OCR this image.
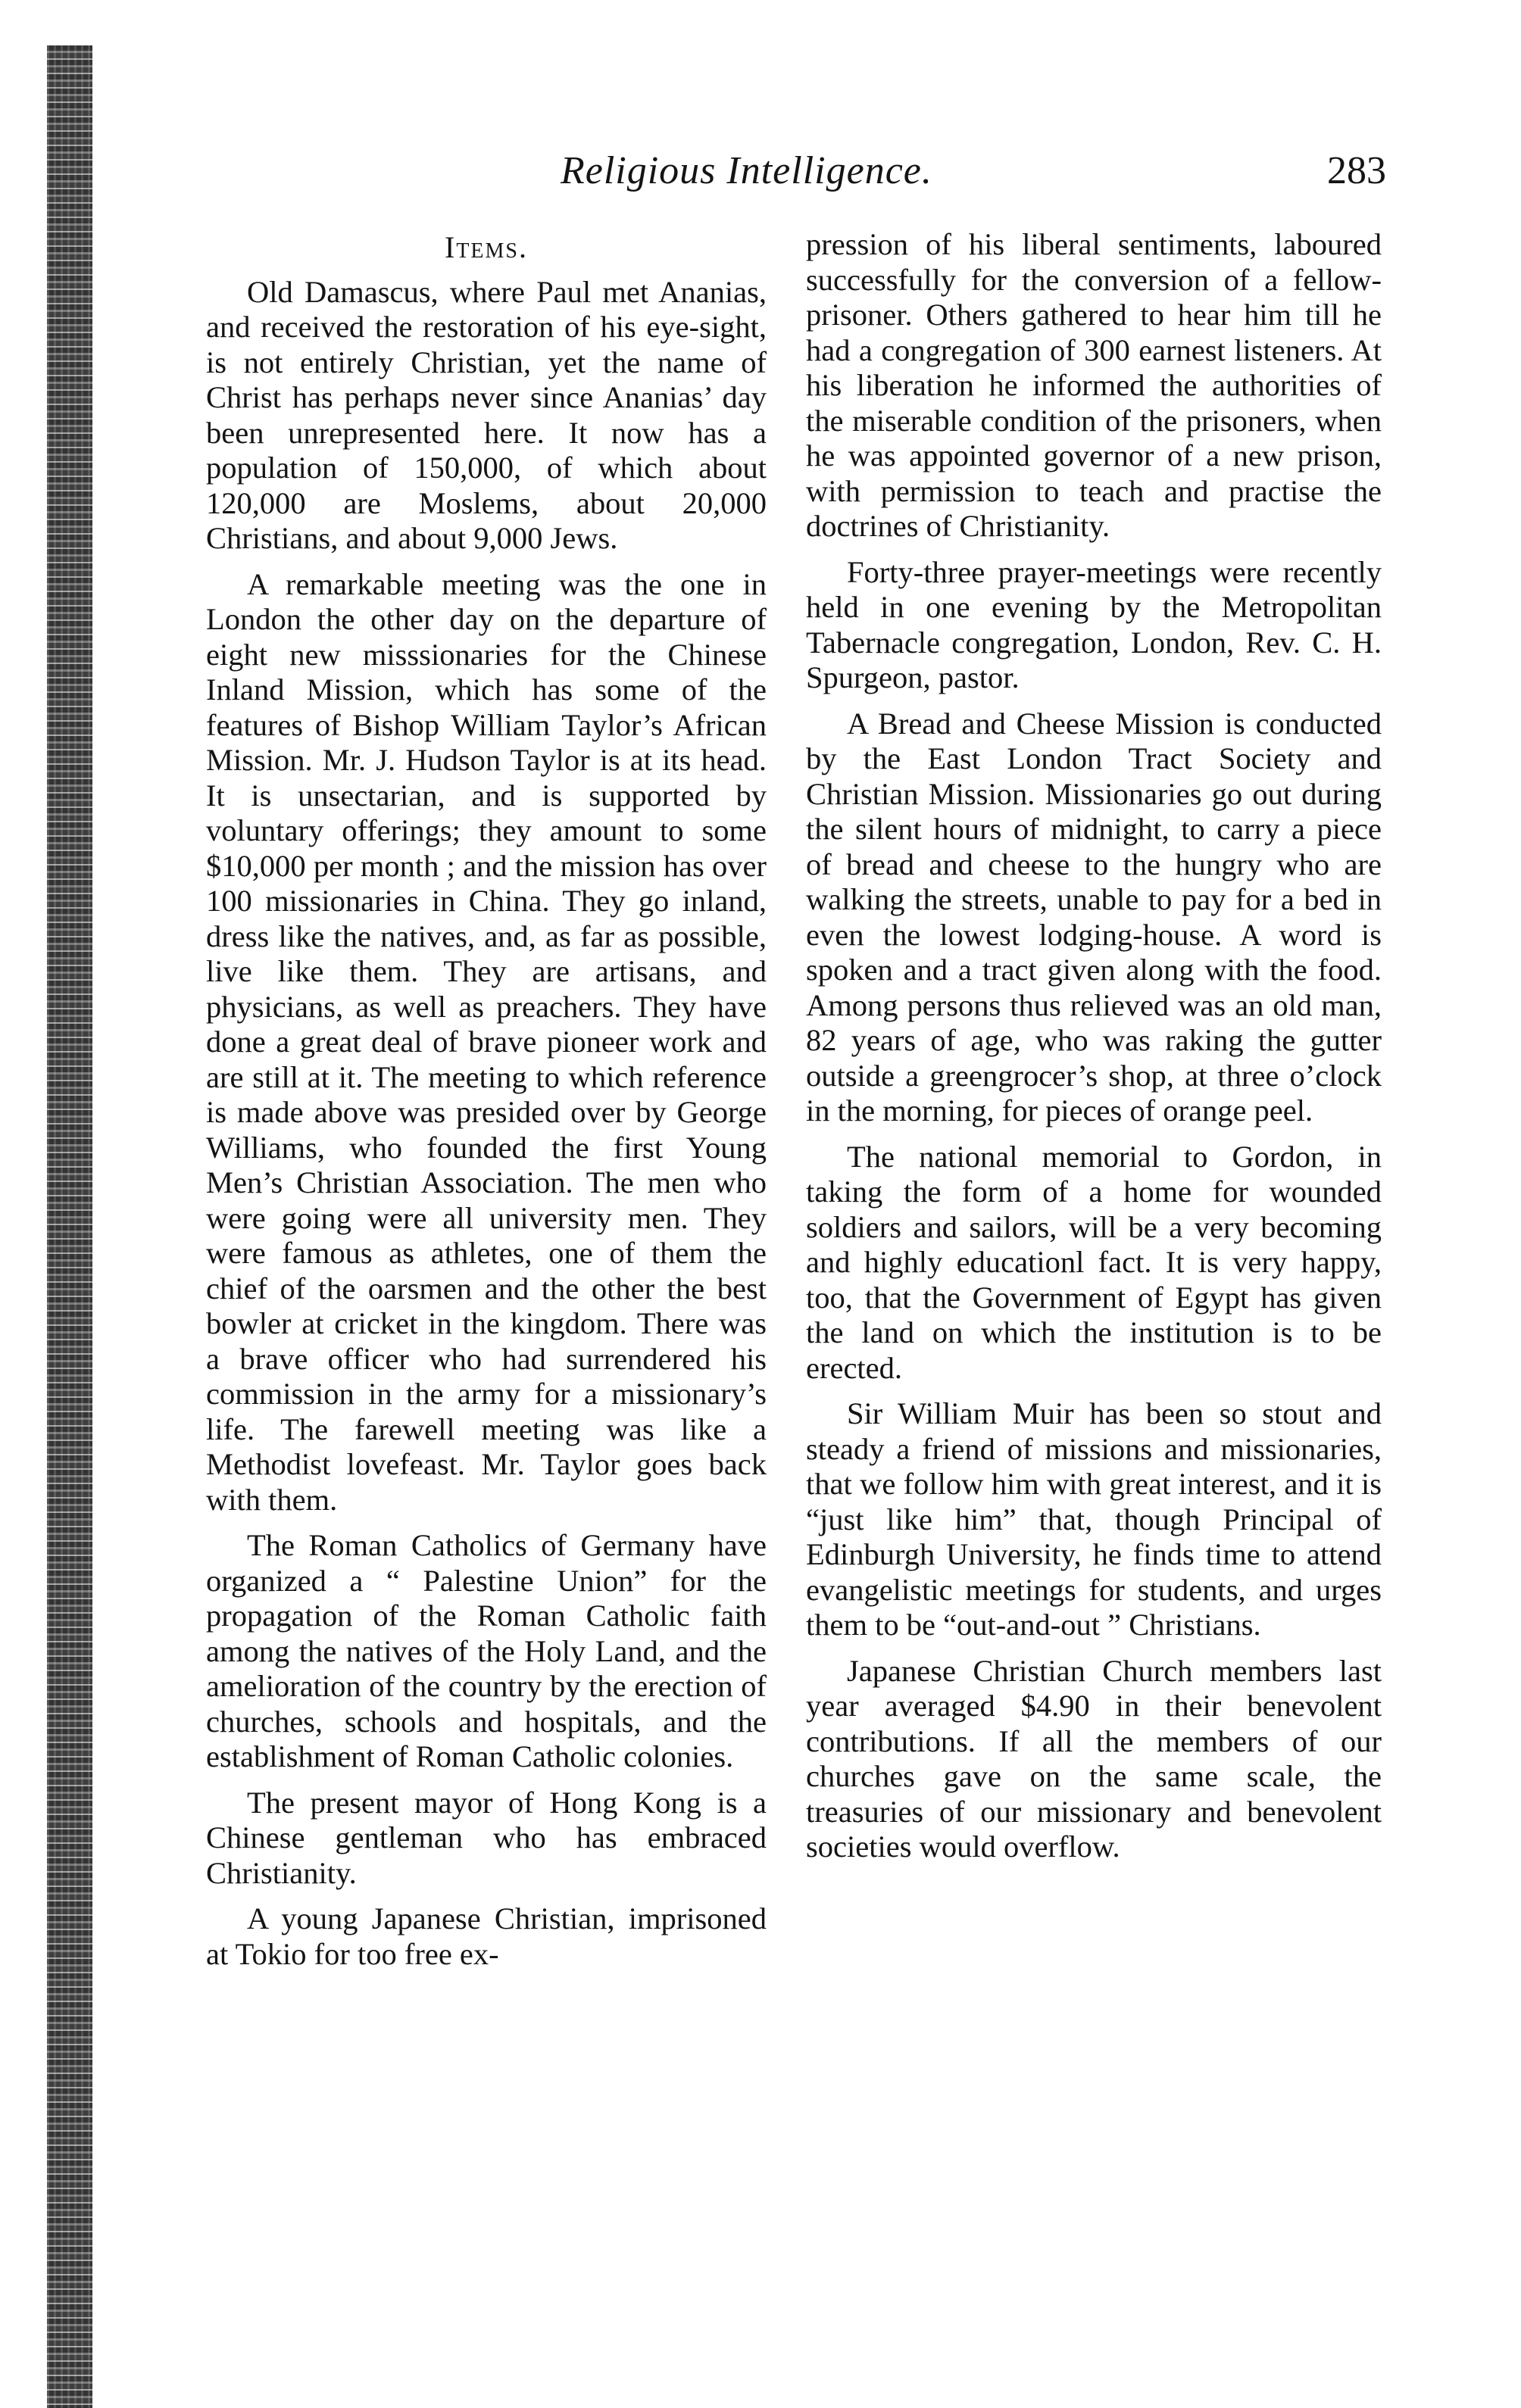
Religious Intelligence.	283
Items.

Old Damascus, where Paul met Ananias, and received the restoration of his eye-sight, is not entirely Christian, yet the name of Christ has perhaps never since Ananias’ day been unrepresented here. It now has a population of 150,000, of which about 120,000 are Moslems, about 20,000 Christians, and about 9,000 Jews.

A remarkable meeting was the one in London the other day on the departure of eight new misssionaries for the Chinese Inland Mission, which has some of the features of Bishop William Taylor’s African Mission. Mr. J. Hudson Taylor is at its head. It is unsectarian, and is supported by voluntary offerings; they amount to some $10,000 per month ; and the mission has over 100 missionaries in China. They go inland, dress like the natives, and, as far as possible, live like them. They are artisans, and physicians, as well as preachers. They have done a great deal of brave pioneer work and are still at it. The meeting to which reference is made above was presided over by George Williams, who founded the first Young Men’s Christian Association. The men who were going were all university men. They were famous as athletes, one of them the chief of the oarsmen and the other the best bowler at cricket in the kingdom. There was a brave officer who had surrendered his commission in the army for a missionary’s life. The farewell meeting was like a Methodist lovefeast. Mr. Taylor goes back with them.

The Roman Catholics of Germany have organized a “ Palestine Union” for the propagation of the Roman Catholic faith among the natives of the Holy Land, and the amelioration of the country by the erection of churches, schools and hospitals, and the establishment of Roman Catholic colonies.

The present mayor of Hong Kong is a Chinese gentleman who has embraced Christianity.

A young Japanese Christian, imprisoned at Tokio for too free ex-

pression of his liberal sentiments, laboured successfully for the conversion of a fellow-prisoner. Others gathered to hear him till he had a congregation of 300 earnest listeners. At his liberation he informed the authorities of the miserable condition of the prisoners, when he was appointed governor of a new prison, with permission to teach and practise the doctrines of Christianity.

Forty-three prayer-meetings were recently held in one evening by the Metropolitan Tabernacle congregation, London, Rev. C. H. Spurgeon, pastor.

A Bread and Cheese Mission is conducted by the East London Tract Society and Christian Mission. Missionaries go out during the silent hours of midnight, to carry a piece of bread and cheese to the hungry who are walking the streets, unable to pay for a bed in even the lowest lodging-house. A word is spoken and a tract given along with the food. Among persons thus relieved was an old man, 82 years of age, who was raking the gutter outside a greengrocer’s shop, at three o’clock in the morning, for pieces of orange peel.

The national memorial to Gordon, in taking the form of a home for wounded soldiers and sailors, will be a very becoming and highly educationl fact. It is very happy, too, that the Government of Egypt has given the land on which the institution is to be erected.

Sir William Muir has been so stout and steady a friend of missions and missionaries, that we follow him with great interest, and it is “just like him” that, though Principal of Edinburgh University, he finds time to attend evangelistic meetings for students, and urges them to be “out-and-out ” Christians.

Japanese Christian Church members last year averaged $4.90 in their benevolent contributions. If all the members of our churches gave on the same scale, the treasuries of our missionary and benevolent societies would overflow.
